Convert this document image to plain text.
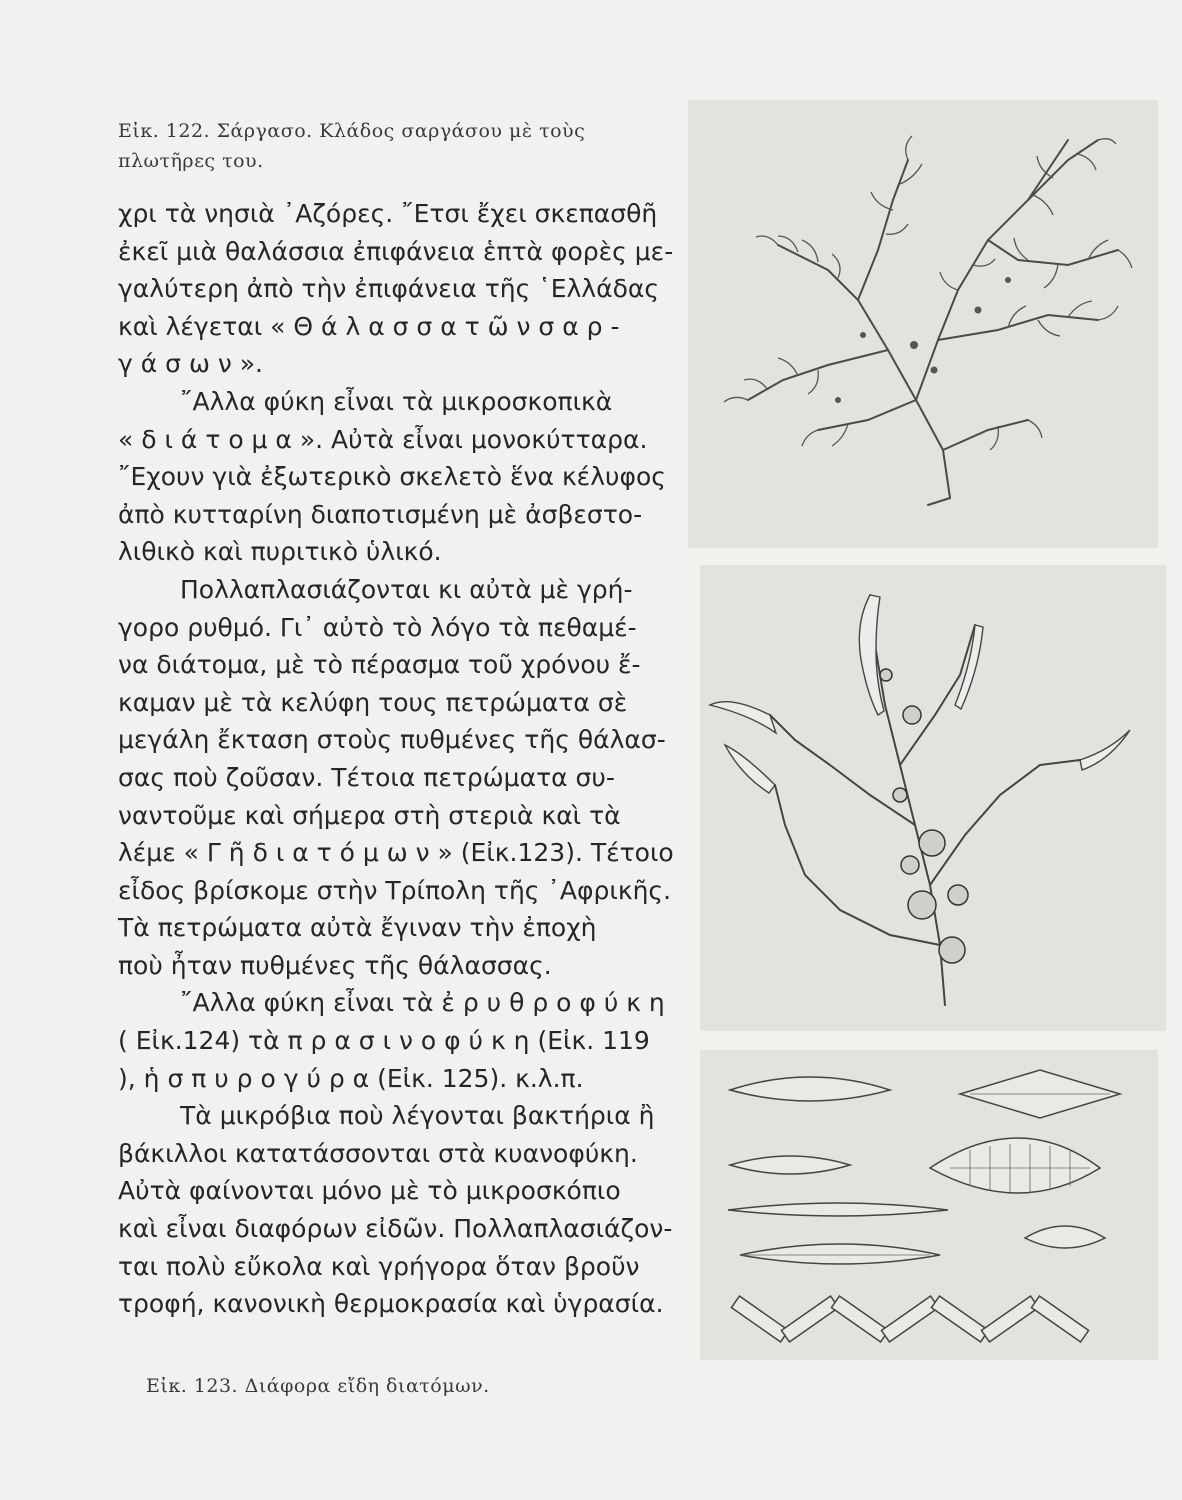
Εἰκ. 122. Σάργασο. Κλάδος σαργάσου μὲ τοὺς
πλωτῆρες του.
χρι τὰ νησιὰ ᾽Αζόρες. ῎Ετσι ἔχει σκεπασθῆ
ἐκεῖ μιὰ θαλάσσια ἐπιφάνεια ἑπτὰ φορὲς με-
γαλύτερη ἀπὸ τὴν ἐπιφάνεια τῆς ῾Ελλάδας
καὶ λέγεται « Θ ά λ α σ σ α τ ῶ ν σ α ρ -
γ ά σ ω ν ».
῎Αλλα φύκη εἶναι τὰ μικροσκοπικὰ
« δ ι ά τ ο μ α ». Αὐτὰ εἶναι μονοκύτταρα.
῎Εχουν γιὰ ἐξωτερικὸ σκελετὸ ἕνα κέλυφος
ἀπὸ κυτταρίνη διαποτισμένη μὲ ἀσβεστο-
λιθικὸ καὶ πυριτικὸ ὑλικό.
Πολλαπλασιάζονται κι αὐτὰ μὲ γρή-
γορο ρυθμό. Γι᾽ αὐτὸ τὸ λόγο τὰ πεθαμέ-
να διάτομα, μὲ τὸ πέρασμα τοῦ χρόνου ἔ-
καμαν μὲ τὰ κελύφη τους πετρώματα σὲ
μεγάλη ἔκταση στοὺς πυθμένες τῆς θάλασ-
σας ποὺ ζοῦσαν. Τέτοια πετρώματα συ-
ναντοῦμε καὶ σήμερα στὴ στεριὰ καὶ τὰ
λέμε « Γ ῆ δ ι α τ ό μ ω ν » (Εἰκ.123). Τέτοιο
εἶδος βρίσκομε στὴν Τρίπολη τῆς ᾽Αφρικῆς.
Τὰ πετρώματα αὐτὰ ἔγιναν τὴν ἐποχὴ
ποὺ ἦταν πυθμένες τῆς θάλασσας.
῎Αλλα φύκη εἶναι τὰ ἐ ρ υ θ ρ ο φ ύ κ η
( Εἰκ.124) τὰ π ρ α σ ι ν ο φ ύ κ η (Εἰκ. 119
), ἡ σ π υ ρ ο γ ύ ρ α (Εἰκ. 125). κ.λ.π.
Τὰ μικρόβια ποὺ λέγονται βακτήρια ἢ
βάκιλλοι κατατάσσονται στὰ κυανοφύκη.
Αὐτὰ φαίνονται μόνο μὲ τὸ μικροσκόπιο
καὶ εἶναι διαφόρων εἰδῶν. Πολλαπλασιάζον-
ται πολὺ εὔκολα καὶ γρήγορα ὅταν βροῦν
τροφή, κανονικὴ θερμοκρασία καὶ ὑγρασία.
Εἰκ. 123. Διάφορα εἴδη διατόμων.
